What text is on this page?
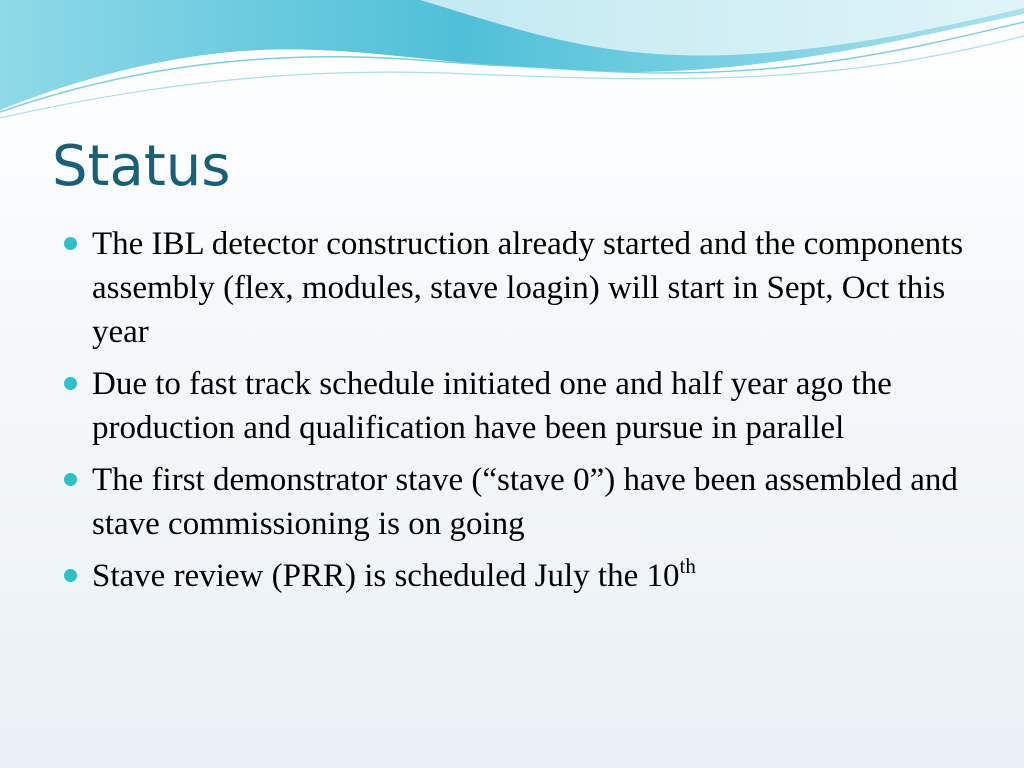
Status
The IBL detector construction already started and the components assembly (flex, modules, stave loagin) will start in Sept, Oct this year
Due to fast track schedule initiated one and half year ago the production and qualification have been pursue in parallel
The first demonstrator stave (“stave 0”) have been assembled and stave commissioning is on going
Stave review (PRR) is scheduled July the 10th
